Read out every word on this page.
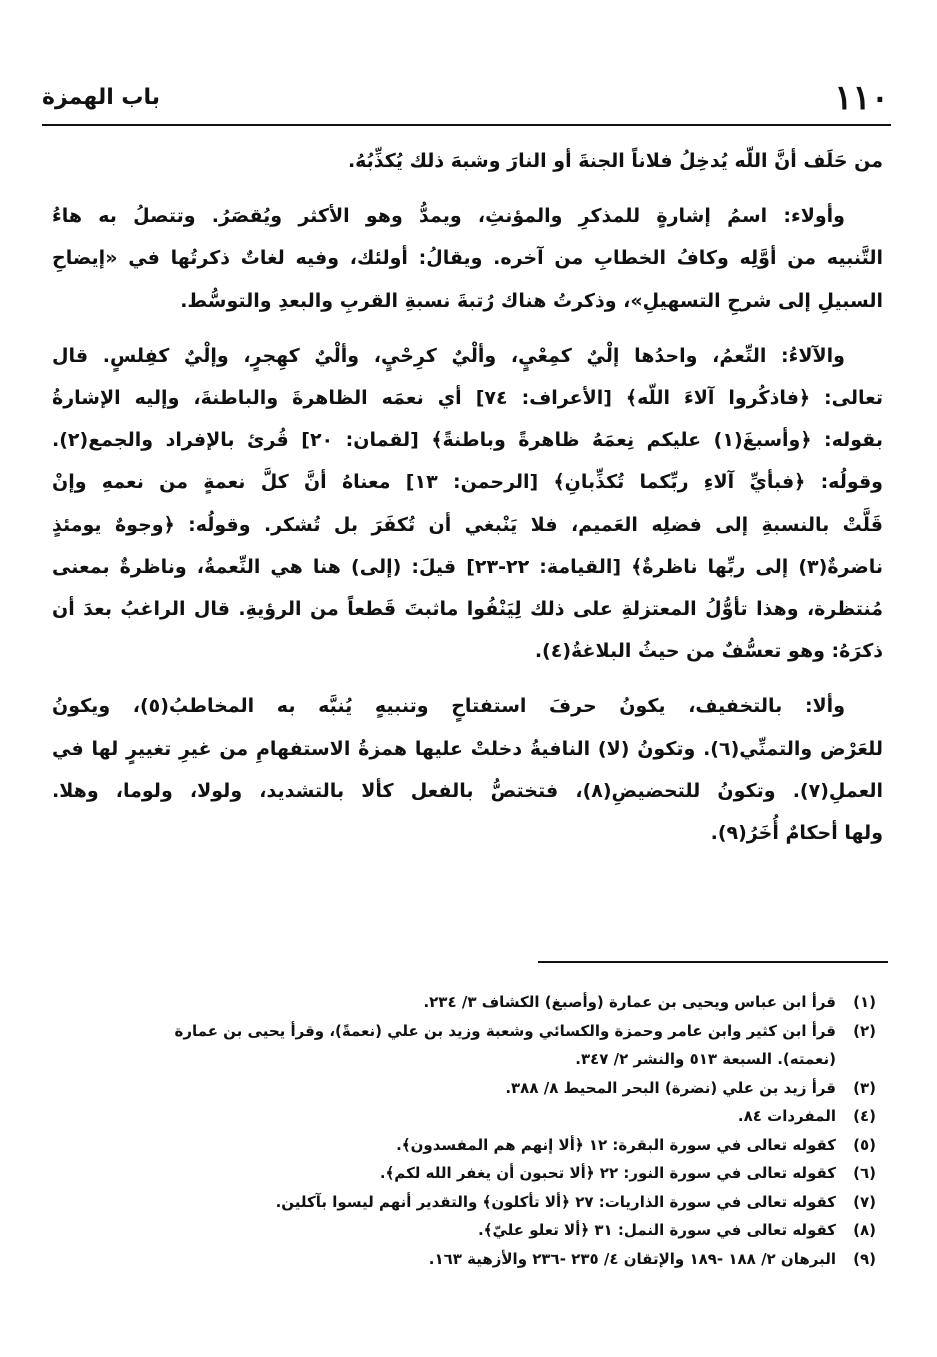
١١٠
باب الهمزة
من حَلَف أنَّ اللّه يُدخِلُ فلاناً الجنةَ أو النارَ وشبهَ ذلك يُكذِّبُهُ.
وأولاء: اسمُ إشارةٍ للمذكرِ والمؤنثِ، ويمدُّ وهو الأكثر ويُقصَرُ. وتتصلُ به هاءُ
التَّنبيه من أوَّلِه وكافُ الخطابِ من آخره. ويقالُ: أولئك، وفيه لغاتٌ ذكرتُها في «إيضاحِ
السبيلِ إلى شرحِ التسهيلِ»، وذكرتُ هناك رُتبةَ نسبةِ القربِ والبعدِ والتوسُّط.
والآلاءُ: النِّعمُ، واحدُها إلْيٌ كمِعْيٍ، وألْيٌ كرِحْيٍ، وألْيٌ كهِجرٍ، وإلْيٌ كفِلسٍ. قال
تعالى: ﴿فاذكُروا آلاءَ اللّه﴾ [الأعراف: ٧٤] أي نعمَه الظاهرةَ والباطنةَ، وإليه الإشارةُ
بقوله: ﴿وأسبغَ(١) عليكم نِعمَهُ ظاهرةً وباطنةً﴾ [لقمان: ٢٠] قُرئ بالإفراد والجمع(٢).
وقولُه: ﴿فبأيِّ آلاءِ ربِّكما تُكذِّبانِ﴾ [الرحمن: ١٣] معناهُ أنَّ كلَّ نعمةٍ من نعمهِ وإنْ
قَلَّتْ بالنسبةِ إلى فضلِه العَميم، فلا يَنْبغي أن تُكفَرَ بل تُشكر. وقولُه: ﴿وجوهٌ يومئذٍ
ناضرةٌ(٣) إلى ربِّها ناظرةٌ﴾ [القيامة: ٢٢-٢٣] قيلَ: (إلى) هنا هي النِّعمةُ، وناظرةٌ بمعنى
مُنتظرة، وهذا تأوُّلُ المعتزلةِ على ذلك لِيَنْفُوا ماثبتَ قَطعاً من الرؤيةِ. قال الراغبُ بعدَ أن
ذكرَهُ: وهو تعسُّفٌ من حيثُ البلاغةُ(٤).
وألا: بالتخفيف، يكونُ حرفَ استفتاحٍ وتنبيهٍ يُنبَّه به المخاطبُ(٥)، ويكونُ
للعَرْض والتمنِّي(٦). وتكونُ (لا) النافيةُ دخلتْ عليها همزةُ الاستفهامِ من غيرِ تغييرٍ لها في
العملِ(٧). وتكونُ للتحضيضِ(٨)، فتختصُّ بالفعل كألا بالتشديد، ولولا، ولوما، وهلا.
ولها أحكامٌ أُخَرُ(٩).
(١)
قرأ ابن عباس ويحيى بن عمارة (وأصبغ) الكشاف ٣/ ٢٣٤.
(٢)
قرأ ابن كثير وابن عامر وحمزة والكسائي وشعبة وزيد بن علي (نعمةً)، وقرأ يحيى بن عمارة
(نعمته). السبعة ٥١٣ والنشر ٢/ ٣٤٧.
(٣)
قرأ زيد بن علي (نضرة) البحر المحيط ٨/ ٣٨٨.
(٤)
المفردات ٨٤.
(٥)
كقوله تعالى في سورة البقرة: ١٢ ﴿ألا إنهم هم المفسدون﴾.
(٦)
كقوله تعالى في سورة النور: ٢٢ ﴿ألا تحبون أن يغفر الله لكم﴾.
(٧)
كقوله تعالى في سورة الذاريات: ٢٧ ﴿ألا تأكلون﴾ والتقدير أنهم ليسوا بآكلين.
(٨)
كقوله تعالى في سورة النمل: ٣١ ﴿ألا تعلو عليّ﴾.
(٩)
البرهان ٢/ ١٨٨ -١٨٩ والإتقان ٤/ ٢٣٥ -٢٣٦ والأزهية ١٦٣.
